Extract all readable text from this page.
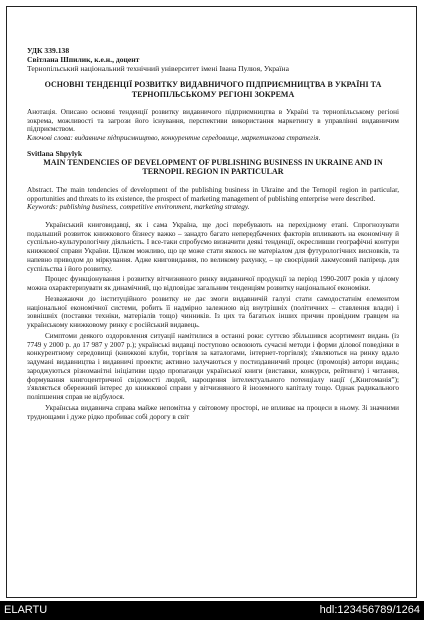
УДК 339.138
Світлана Шпилик, к.е.н., доцент
Тернопільський національний технічний університет імені Івана Пулюя, Україна
ОСНОВНІ ТЕНДЕНЦІЇ РОЗВИТКУ ВИДАВНИЧОГО ПІДПРИЄМНИЦТВА В УКРАЇНІ ТА ТЕРНОПІЛЬСЬКОМУ РЕГІОНІ ЗОКРЕМА
Анотація. Описано основні тенденції розвитку видавничого підприємництва в Україні та тернопільському регіоні зокрема, можливості та загрози його існування, перспективи використання маркетингу в управлінні видавничим підприємством.
Ключові слова: видавниче підприємництво, конкурентне середовище, маркетингова стратегія.
Svitlana Shpylyk
MAIN TENDENCIES OF DEVELOPMENT OF PUBLISHING BUSINESS IN UKRAINE AND IN TERNOPIL REGION IN PARTICULAR
Abstract. The main tendencies of development of the publishing business in Ukraine and the Ternopil region in particular, opportunities and threats to its existence, the prospect of marketing management of publishing enterprise were described.
Keywords: publishing business, competitive environment, marketing strategy.

Український книговидавці, як і сама Україна, ще досі перебувають на перехідному етапі. Спрогнозувати подальший розвиток книжкового бізнесу важко – занадто багато непередбачених факторів впливають на економічну й суспільно-культурологічну діяльність. І все-таки спробуємо визначити деякі тенденції, окресливши географічні контури книжкової справи України. Цілком можливо, що це може стати якоюсь не матеріалом для футурологічних висновків, та напевно приводом до міркування. Адже книговидання, по великому рахунку, – це своєрідний лакмусовий папірець для суспільства і його розвитку.

Процес функціонування і розвитку вітчизняного ринку видавничої продукції за період 1990-2007 років у цілому можна охарактеризувати як динамічний, що відповідає загальним тенденціям розвитку національної економіки.

Незважаючи до інституційного розвитку не дає змоги видавничій галузі стати самодостатнім елементом національної економічної системи, робить її надмірно залежною від внутрішніх (політичних – ставлення влади) і зовнішніх (поставки техніки, матеріалів тощо) чинників. Із цих та багатьох інших причин провідним гравцем на українському книжковому ринку є російський видавець.

Симптоми деякого оздоровлення ситуації намітилися в останні роки: суттєво збільшився асортимент видань (із 7749 у 2000 р. до 17 987 у 2007 р.); українські видавці поступово освоюють сучасні методи і форми ділової поведінки в конкурентному середовищі (книжкові клуби, торгівля за каталогами, інтернет-торгівля); з'являються на ринку вдало задумані видавництва і видавничі проекти; активно залучаються у постиздавничий процес (промоція) автори видань; зароджуються різноманітні ініціативи щодо пропаганди української книги (виставки, конкурси, рейтинги) і читання, формування книгоцентричної свідомості людей, нарощення інтелектуального потенціалу нації („Книгоманія”); з'являється обережний інтерес до книжкової справи у вітчизняного й іноземного капіталу тощо. Однак радикального поліпшення справ не відбулося.

Українська видавнича справа майже непомітна у світовому просторі, не впливає на процеси в ньому. Зі значними труднощами і дуже рідко пробиває собі дорогу в світ

ELARTU	hdl:123456789/1264
